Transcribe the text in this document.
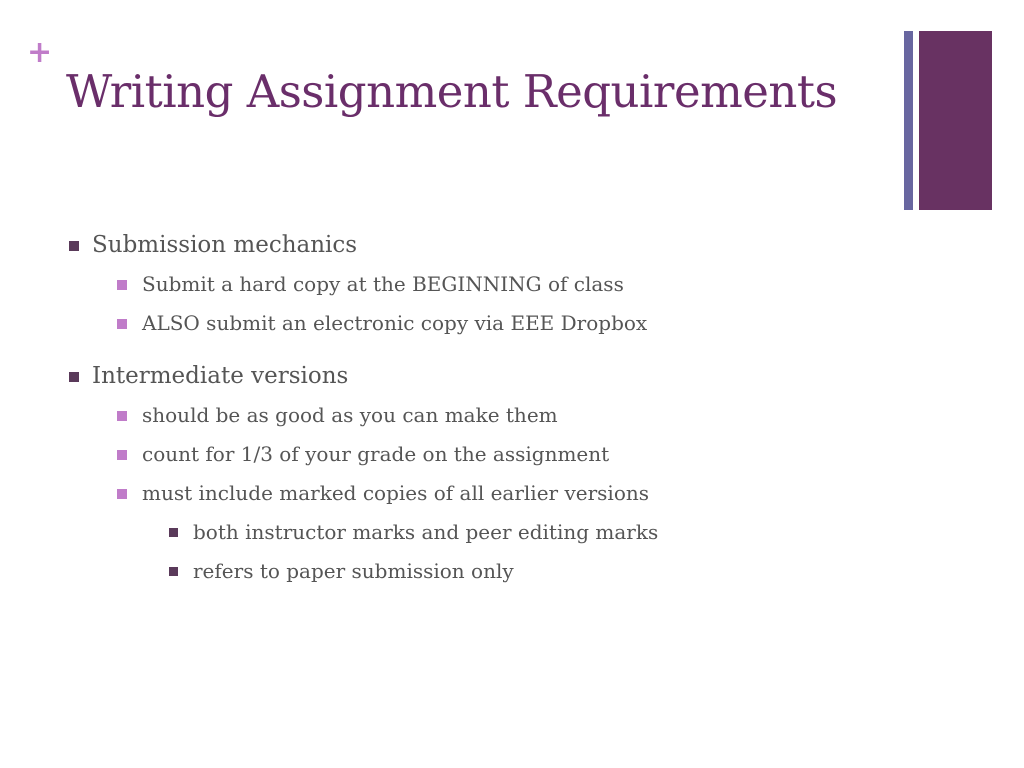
+
Writing Assignment Requirements
Submission mechanics
Submit a hard copy at the BEGINNING of class
ALSO submit an electronic copy via EEE Dropbox
Intermediate versions
should be as good as you can make them
count for 1/3 of your grade on the assignment
must include marked copies of all earlier versions
both instructor marks and peer editing marks
refers to paper submission only
